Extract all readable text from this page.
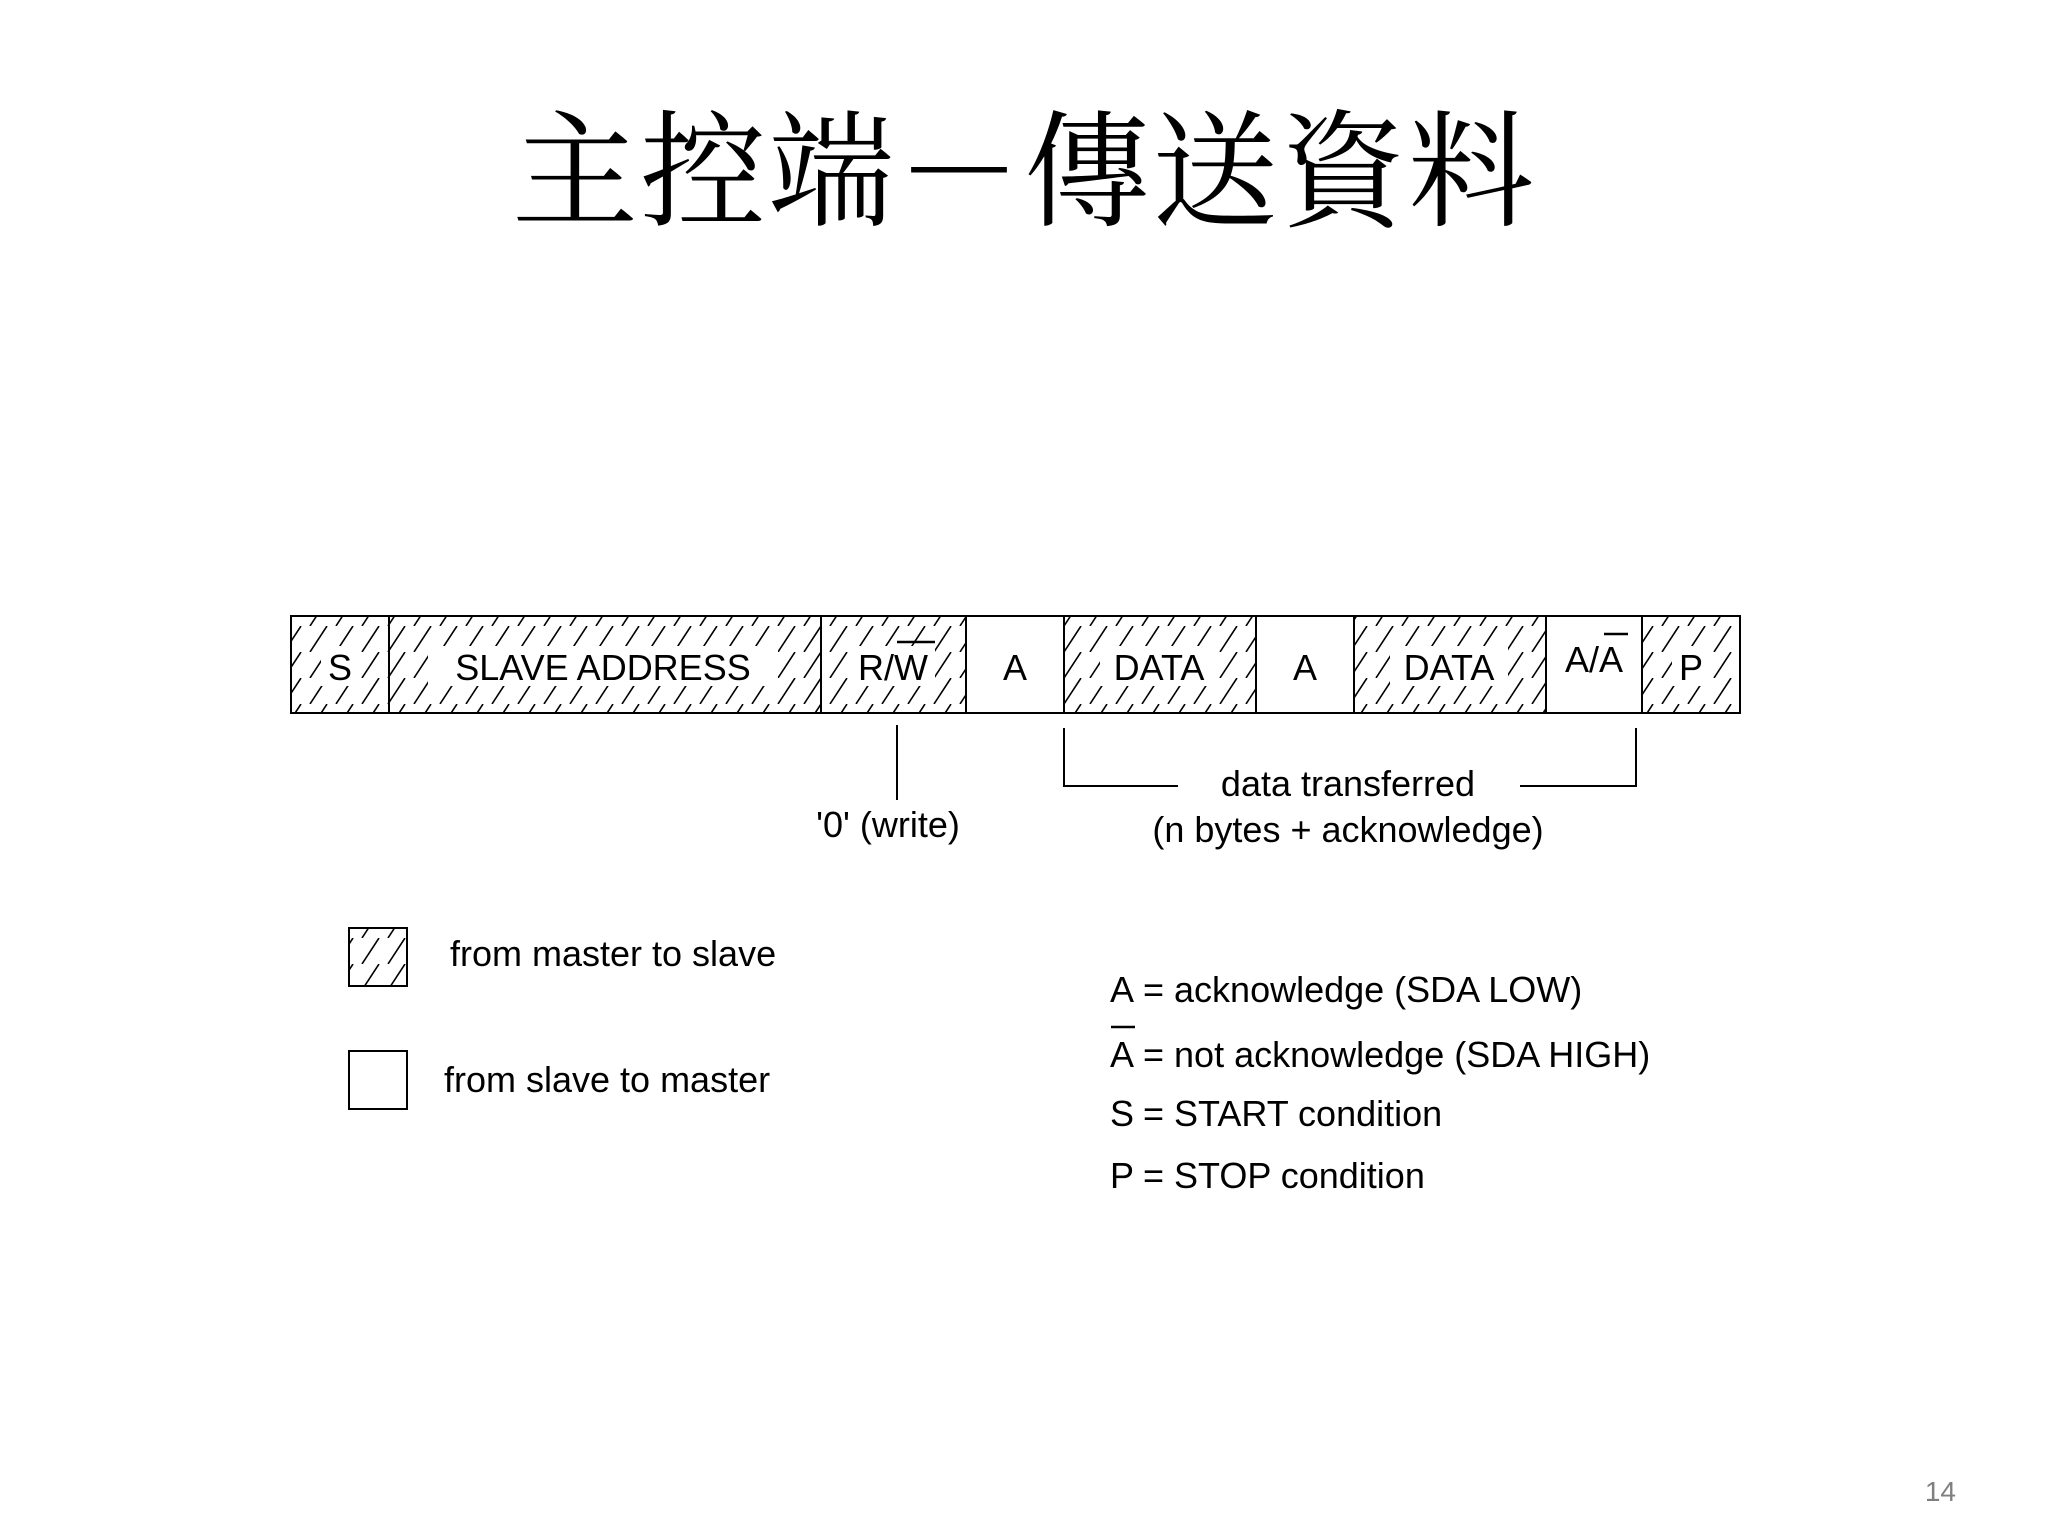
主控端－傳送資料
S	SLAVE ADDRESS	R/W A DATA A DATA A/A P
'0' (write)
data transferred
(n bytes + acknowledge)
from master to slave
from slave to master
A = acknowledge (SDA LOW)
A = not acknowledge (SDA HIGH)
S = START condition
P = STOP condition
14
